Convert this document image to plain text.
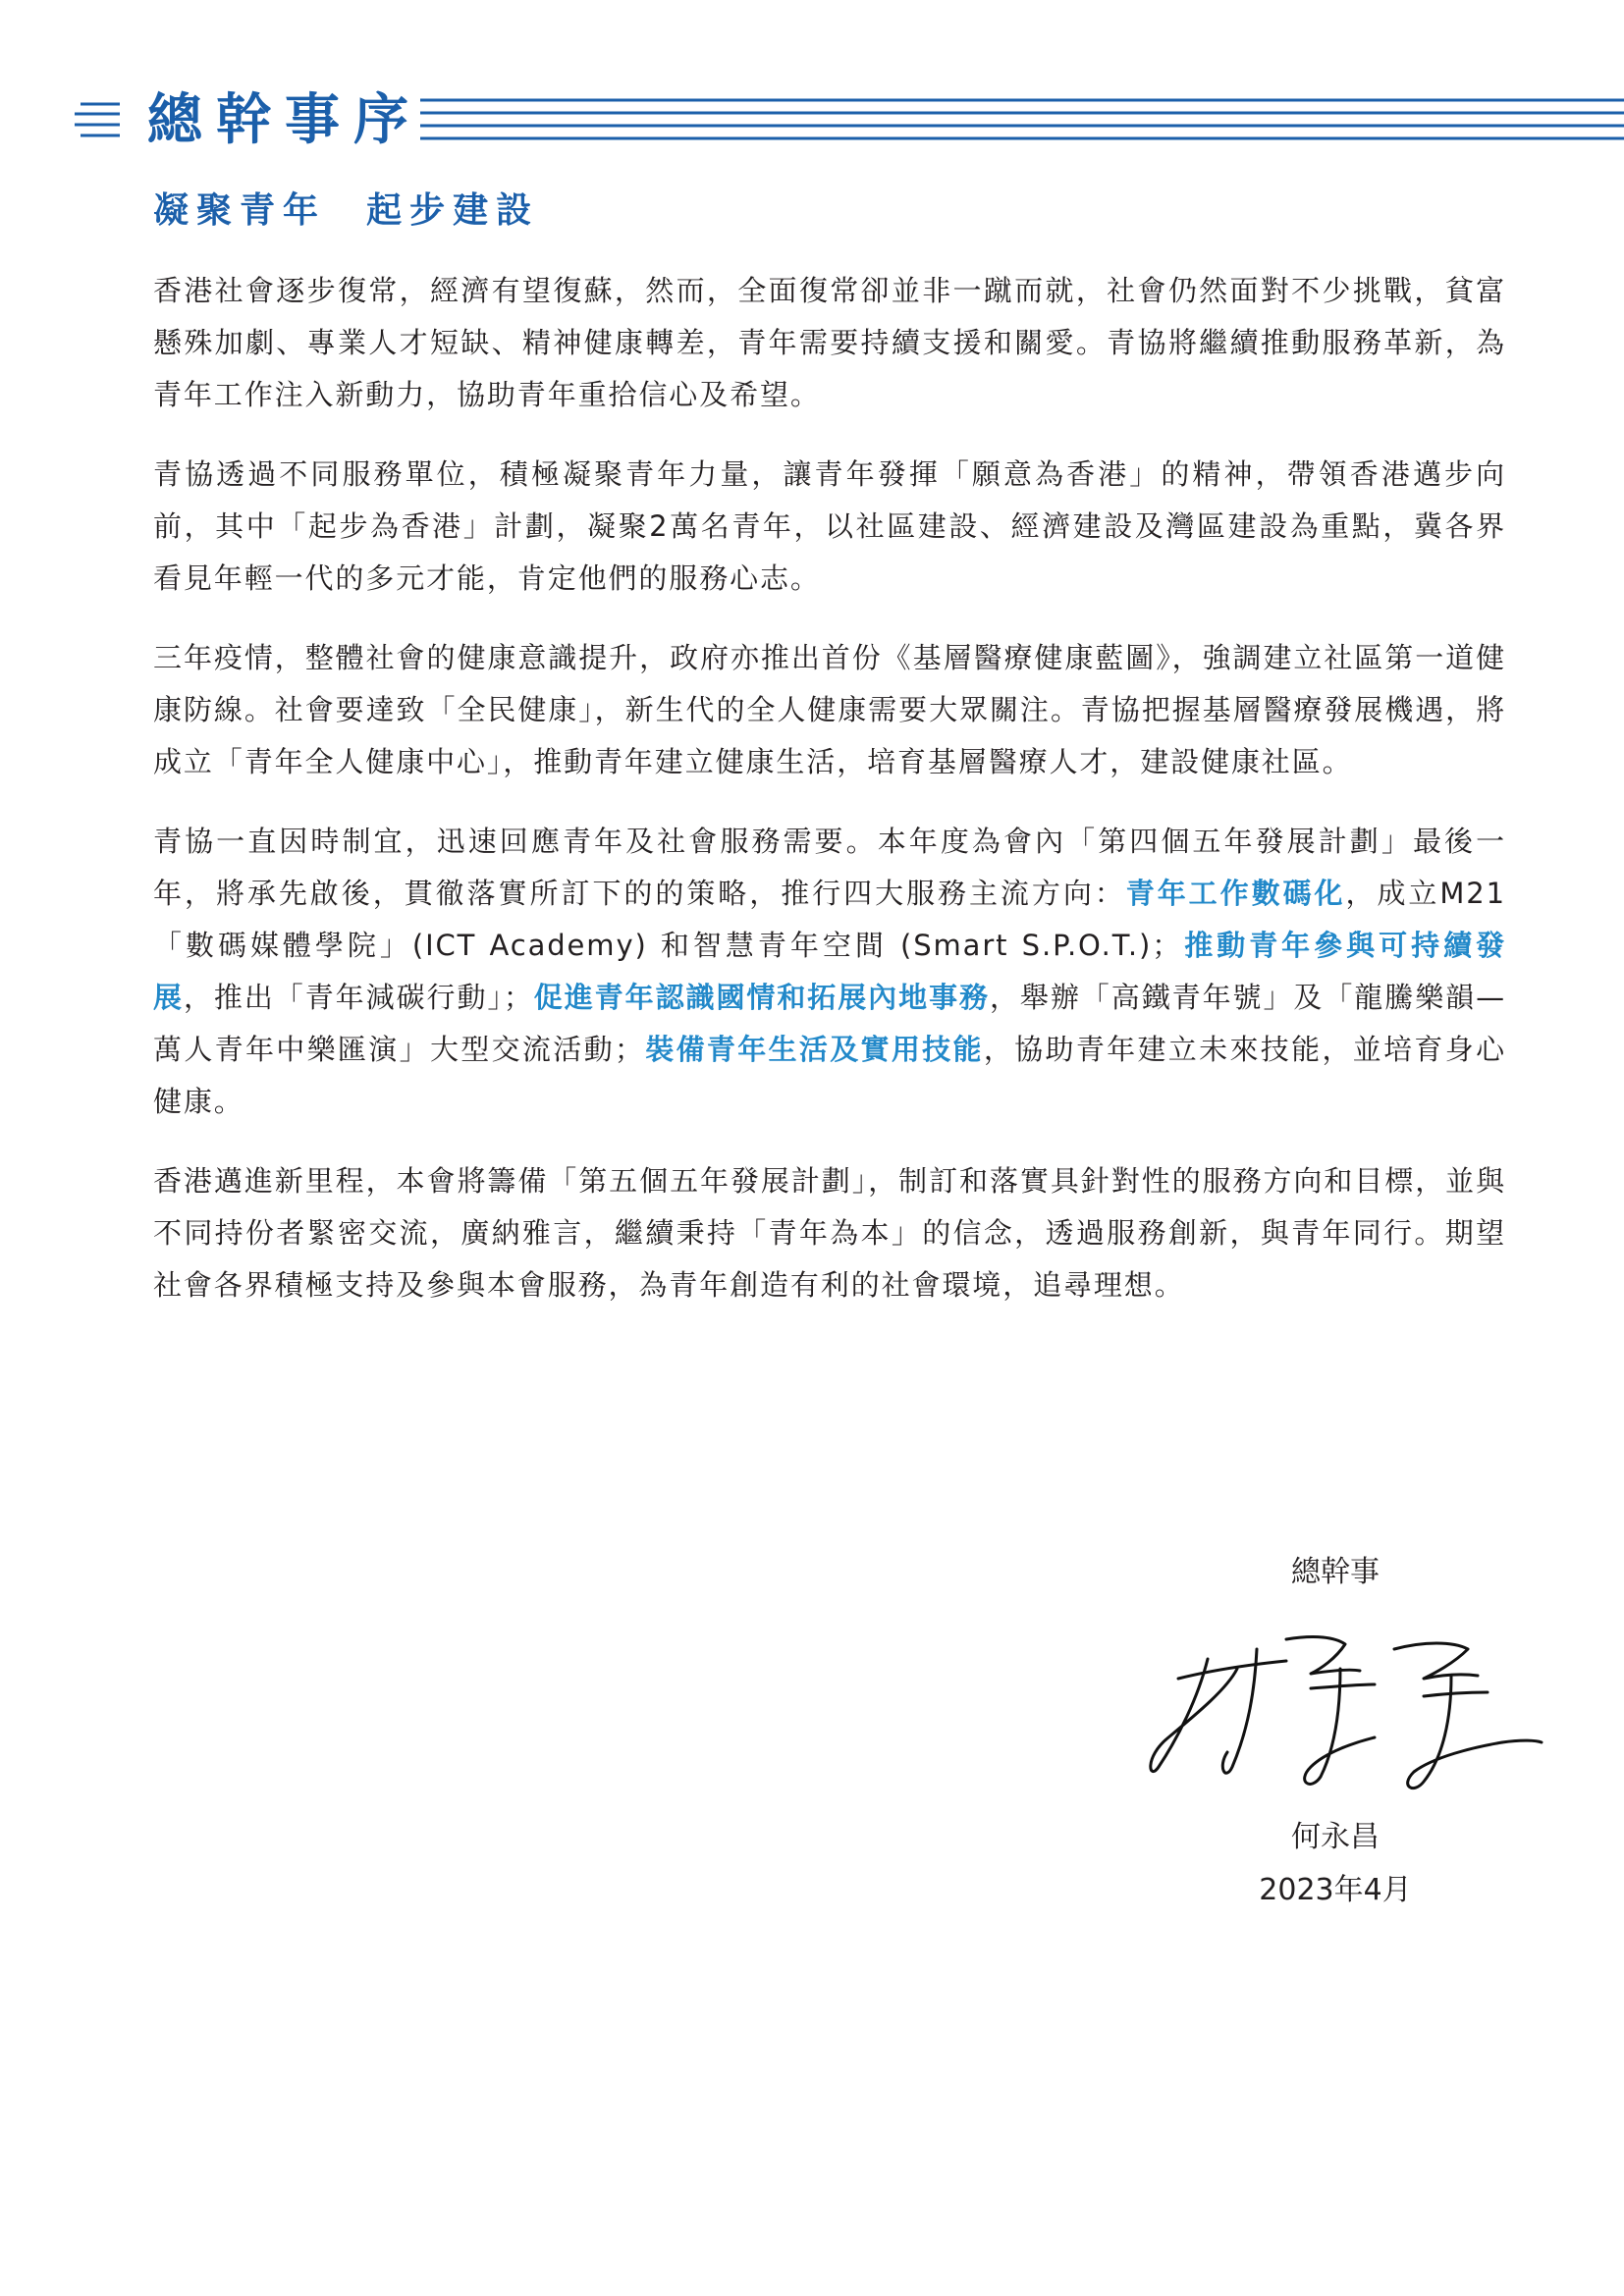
總幹事序
凝聚青年  起步建設

香港社會逐步復常，經濟有望復蘇，然而，全面復常卻並非一蹴而就，社會仍然面對不少挑戰，貧富懸殊加劇、專業人才短缺、精神健康轉差，青年需要持續支援和關愛。青協將繼續推動服務革新，為青年工作注入新動力，協助青年重拾信心及希望。

青協透過不同服務單位，積極凝聚青年力量，讓青年發揮「願意為香港」的精神，帶領香港邁步向前，其中「起步為香港」計劃，凝聚2萬名青年，以社區建設、經濟建設及灣區建設為重點，冀各界看見年輕一代的多元才能，肯定他們的服務心志。

三年疫情，整體社會的健康意識提升，政府亦推出首份《基層醫療健康藍圖》，強調建立社區第一道健康防線。社會要達致「全民健康」，新生代的全人健康需要大眾關注。青協把握基層醫療發展機遇，將成立「青年全人健康中心」，推動青年建立健康生活，培育基層醫療人才，建設健康社區。

青協一直因時制宜，迅速回應青年及社會服務需要。本年度為會內「第四個五年發展計劃」最後一年，將承先啟後，貫徹落實所訂下的的策略，推行四大服務主流方向：青年工作數碼化，成立M21「數碼媒體學院」(ICT Academy) 和智慧青年空間 (Smart S.P.O.T.)；推動青年參與可持續發展，推出「青年減碳行動」；促進青年認識國情和拓展內地事務，舉辦「高鐵青年號」及「龍騰樂韻—萬人青年中樂匯演」大型交流活動；裝備青年生活及實用技能，協助青年建立未來技能，並培育身心健康。

香港邁進新里程，本會將籌備「第五個五年發展計劃」，制訂和落實具針對性的服務方向和目標，並與不同持份者緊密交流，廣納雅言，繼續秉持「青年為本」的信念，透過服務創新，與青年同行。期望社會各界積極支持及參與本會服務，為青年創造有利的社會環境，追尋理想。

總幹事
何永昌
2023年4月
